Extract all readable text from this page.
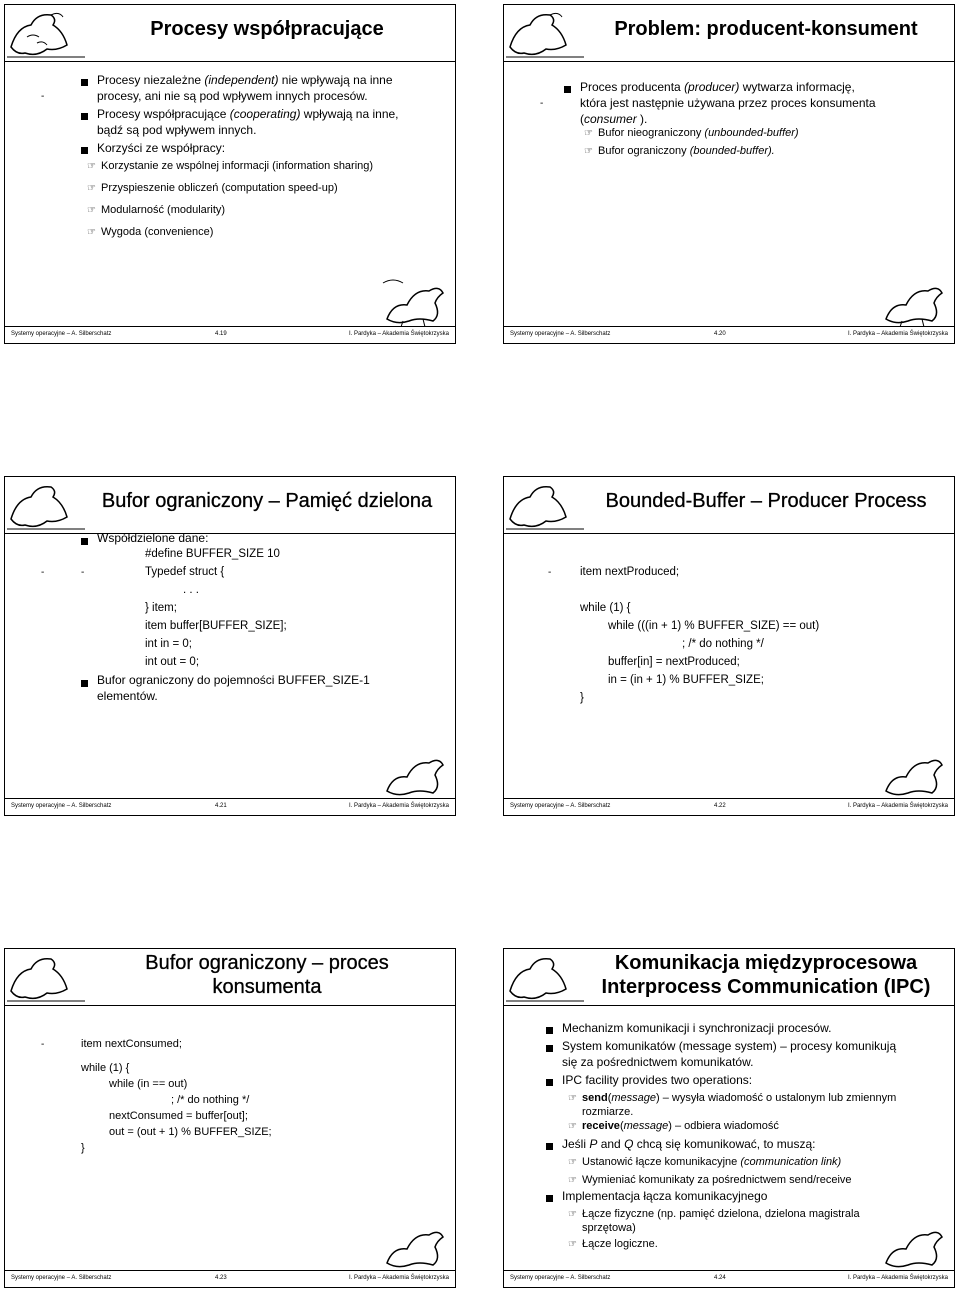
Procesy współpracujące
Procesy niezależne (independent) nie wpływają na inne
-	procesy, ani nie są pod wpływem innych procesów.
Procesy współpracujące (cooperating) wpływają na inne,
bądź są pod wpływem innych.
Korzyści ze współpracy:
☞ Korzystanie ze wspólnej informacji (information sharing)
☞ Przyspieszenie obliczeń (computation speed-up)
☞ Modularność (modularity)
☞ Wygoda (convenience)
Systemy operacyjne – A. Silberschatz	4.19	I. Pardyka – Akademia Świętokrzyska
Problem: producent-konsument
Proces producenta (producer) wytwarza informację,
-	która jest następnie używana przez proces konsumenta
(consumer ).
☞ Bufor nieograniczony (unbounded-buffer)
☞ Bufor ograniczony (bounded-buffer).
Systemy operacyjne – A. Silberschatz	4.20	I. Pardyka – Akademia Świętokrzyska
Bufor ograniczony – Pamięć dzielona
Współdzielone dane:
#define BUFFER_SIZE 10
-	-	Typedef struct {
. . .
} item;
item buffer[BUFFER_SIZE];
int in = 0;
int out = 0;
Bufor ograniczony do pojemności BUFFER_SIZE-1
elementów.
Systemy operacyjne – A. Silberschatz	4.21	I. Pardyka – Akademia Świętokrzyska
Bounded-Buffer – Producer Process
- item nextProduced;
while (1) {
while (((in + 1) % BUFFER_SIZE) == out)
; /* do nothing */
buffer[in] = nextProduced;
in = (in + 1) % BUFFER_SIZE;
}
Systemy operacyjne – A. Silberschatz	4.22	I. Pardyka – Akademia Świętokrzyska
Bufor ograniczony – proces
konsumenta
-	item nextConsumed;
while (1) {
while (in == out)
; /* do nothing */
nextConsumed = buffer[out];
out = (out + 1) % BUFFER_SIZE;
}
Systemy operacyjne – A. Silberschatz	4.23	I. Pardyka – Akademia Świętokrzyska
Komunikacja międzyprocesowa
Interprocess Communication (IPC)
Mechanizm komunikacji i synchronizacji procesów.
System komunikatów (message system) – procesy komunikują
się za pośrednictwem komunikatów.
IPC facility provides two operations:
☞ send(message) – wysyła wiadomość o ustalonym lub zmiennym
rozmiarze.
☞ receive(message) – odbiera wiadomość
Jeśli P and Q chcą się komunikować, to muszą:
☞ Ustanowić łącze komunikacyjne (communication link)
☞ Wymieniać komunikaty za pośrednictwem send/receive
Implementacja łącza komunikacyjnego
☞ Łącze fizyczne (np. pamięć dzielona, dzielona magistrala
sprzętowa)
☞ Łącze logiczne.
Systemy operacyjne – A. Silberschatz	4.24	I. Pardyka – Akademia Świętokrzyska
